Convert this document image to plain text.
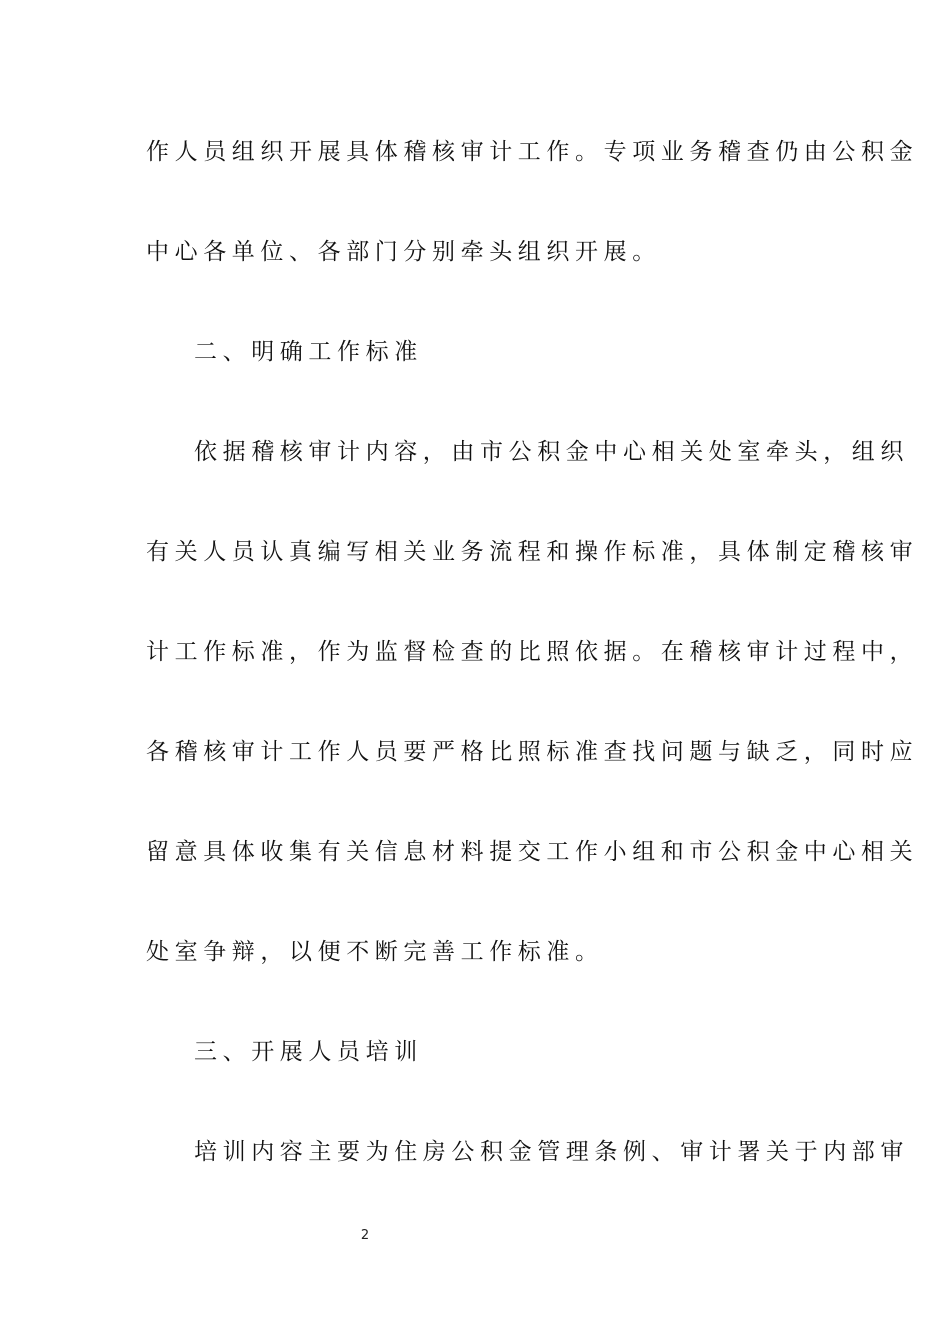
作人员组织开展具体稽核审计工作。专项业务稽查仍由公积金
中心各单位、各部门分别牵头组织开展。
二、明确工作标准
依据稽核审计内容，由市公积金中心相关处室牵头，组织
有关人员认真编写相关业务流程和操作标准，具体制定稽核审
计工作标准，作为监督检查的比照依据。在稽核审计过程中，
各稽核审计工作人员要严格比照标准查找问题与缺乏，同时应
留意具体收集有关信息材料提交工作小组和市公积金中心相关
处室争辩，以便不断完善工作标准。
三、开展人员培训
培训内容主要为住房公积金管理条例、审计署关于内部审
2
